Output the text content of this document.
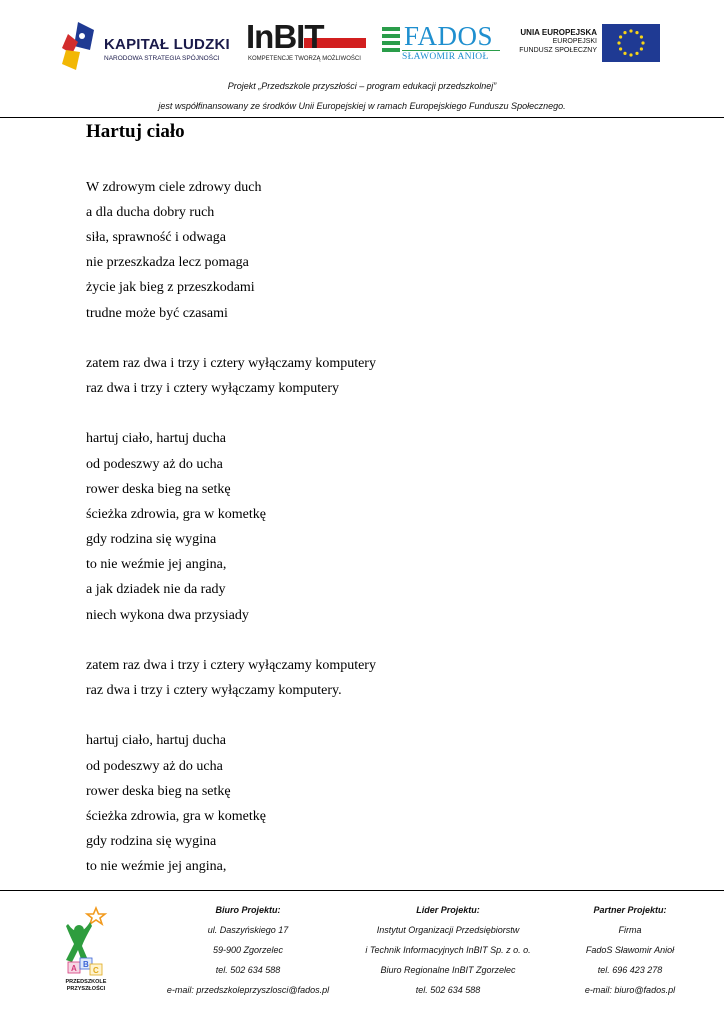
KAPITAŁ LUDZKI
NARODOWA STRATEGIA SPÓJNOŚCI
InBIT
KOMPETENCJE TWORZĄ MOŻLIWOŚCI
FADOS
SŁAWOMIR ANIOŁ
UNIA EUROPEJSKA
EUROPEJSKI
FUNDUSZ SPOŁECZNY
Projekt „Przedszkole przyszłości – program edukacji przedszkolnej”
jest współfinansowany ze środków Unii Europejskiej w ramach Europejskiego Funduszu Społecznego.
Hartuj ciało
W zdrowym ciele zdrowy duch
a dla ducha dobry ruch
siła, sprawność i odwaga
nie przeszkadza lecz pomaga
życie jak bieg z przeszkodami
trudne może być czasami
zatem raz dwa i trzy i cztery wyłączamy komputery
raz dwa i trzy i cztery wyłączamy komputery
hartuj ciało, hartuj ducha
od podeszwy aż do ucha
rower deska bieg na setkę
ścieżka zdrowia, gra w kometkę
gdy rodzina się wygina
to nie weźmie jej angina,
a jak dziadek nie da rady
niech wykona dwa przysiady
zatem raz dwa i trzy i cztery wyłączamy komputery
raz dwa i trzy i cztery wyłączamy komputery.
hartuj ciało, hartuj ducha
od podeszwy aż do ucha
rower deska bieg na setkę
ścieżka zdrowia, gra w kometkę
gdy rodzina się wygina
to nie weźmie jej angina,
A B
C
PRZEDSZKOLE
PRZYSZŁOŚCI
Biuro Projektu:
ul. Daszyńskiego 17
59-900 Zgorzelec
tel. 502 634 588
e-mail: przedszkoleprzyszlosci@fados.pl
Lider Projektu:
Instytut Organizacji Przedsiębiorstw
i Technik Informacyjnych InBIT Sp. z o. o.
Biuro Regionalne InBIT Zgorzelec
tel. 502 634 588
Partner Projektu:
Firma
FadoS Sławomir Anioł
tel. 696 423 278
e-mail: biuro@fados.pl
